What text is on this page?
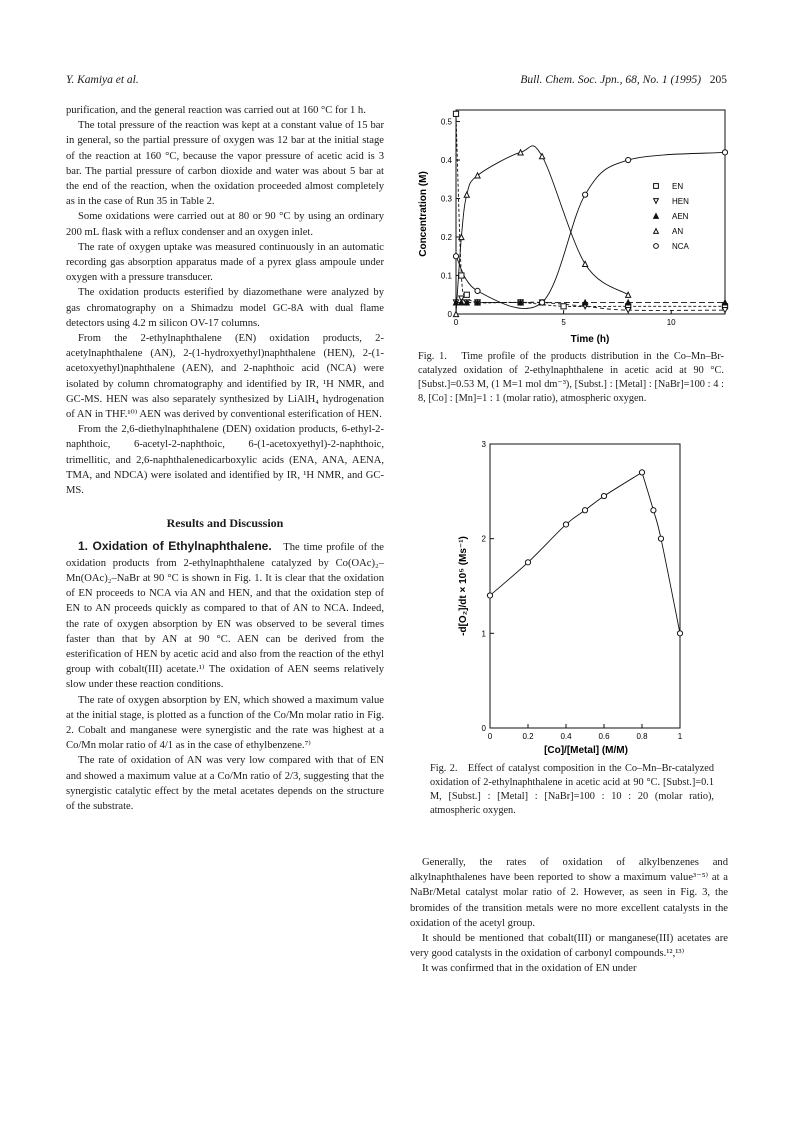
Y. Kamiya et al.	Bull. Chem. Soc. Jpn., 68, No. 1 (1995) 205

purification, and the general reaction was carried out at 160 °C for 1 h.

The total pressure of the reaction was kept at a constant value of 15 bar in general, so the partial pressure of oxygen was 12 bar at the initial stage of the reaction at 160 °C, because the vapor pressure of acetic acid is 3 bar. The partial pressure of carbon dioxide and water was about 5 bar at the end of the reaction, when the oxidation proceeded almost completely as in the case of Run 35 in Table 2.

Some oxidations were carried out at 80 or 90 °C by using an ordinary 200 mL flask with a reflux condenser and an oxygen inlet.

The rate of oxygen uptake was measured continuously in an automatic recording gas absorption apparatus made of a pyrex glass ampoule under oxygen with a pressure transducer.

The oxidation products esterified by diazomethane were analyzed by gas chromatography on a Shimadzu model GC-8A with dual flame detectors using 4.2 m silicon OV-17 columns.

From the 2-ethylnaphthalene (EN) oxidation products, 2-acetylnaphthalene (AN), 2-(1-hydroxyethyl)naphthalene (HEN), 2-(1-acetoxyethyl)naphthalene (AEN), and 2-naphthoic acid (NCA) were isolated by column chromatography and identified by IR, ¹H NMR, and GC-MS. HEN was also separately synthesized by LiAlH₄ hydrogenation of AN in THF.¹⁰⁾ AEN was derived by conventional esterification of HEN.

From the 2,6-diethylnaphthalene (DEN) oxidation products, 6-ethyl-2-naphthoic, 6-acetyl-2-naphthoic, 6-(1-acetoxyethyl)-2-naphthoic, trimellitic, and 2,6-naphthalenedicarboxylic acids (ENA, ANA, AENA, TMA, and NDCA) were isolated and identified by IR, ¹H NMR, and GC-MS.

Results and Discussion

1. Oxidation of Ethylnaphthalene. The time profile of the oxidation products from 2-ethylnaphthalene catalyzed by Co(OAc)₂–Mn(OAc)₂–NaBr at 90 °C is shown in Fig. 1. It is clear that the oxidation of EN proceeds to NCA via AN and HEN, and that the oxidation step of EN to AN proceeds quickly as compared to that of AN to NCA. Indeed, the rate of oxygen absorption by EN was observed to be several times faster than that by AN at 90 °C. AEN can be derived from the esterification of HEN by acetic acid and also from the reaction of the ethyl group with cobalt(III) acetate.¹⁾ The oxidation of AEN seems relatively slow under these reaction conditions.

The rate of oxygen absorption by EN, which showed a maximum value at the initial stage, is plotted as a function of the Co/Mn molar ratio in Fig. 2. Cobalt and manganese were synergistic and the rate was highest at a Co/Mn molar ratio of 4/1 as in the case of ethylbenzene.⁷⁾

The rate of oxidation of AN was very low compared with that of EN and showed a maximum value at a Co/Mn ratio of 2/3, suggesting that the synergistic catalytic effect by the metal acetates depends on the structure of the substrate.

0	5	10
0
0.1
0.2
0.3
0.4
0.5
EN
HEN
AEN
AN
NCA
Time (h)
Concentration (M)
Fig. 1. Time profile of the products distribution in the Co–Mn–Br-catalyzed oxidation of 2-ethylnaphthalene in acetic acid at 90 °C. [Subst.]=0.53 M, (1 M=1 mol dm⁻³), [Subst.] : [Metal] : [NaBr]=100 : 4 : 8, [Co] : [Mn]=1 : 1 (molar ratio), atmospheric oxygen.
0	0.2	0.4	0.6	0.8	1
0
1
2
3
[Co]/[Metal] (M/M)
-d[O₂]/dt × 10⁵ (Ms⁻¹)
Fig. 2. Effect of catalyst composition in the Co–Mn–Br-catalyzed oxidation of 2-ethylnaphthalene in acetic acid at 90 °C. [Subst.]=0.1 M, [Subst.] : [Metal] : [NaBr]=100 : 10 : 20 (molar ratio), atmospheric oxygen.

Generally, the rates of oxidation of alkylbenzenes and alkylnaphthalenes have been reported to show a maximum value³⁻⁵⁾ at a NaBr/Metal catalyst molar ratio of 2. However, as seen in Fig. 3, the bromides of the transition metals were no more excellent catalysts in the oxidation of the acetyl group.

It should be mentioned that cobalt(III) or manganese(III) acetates are very good catalysts in the oxidation of carbonyl compounds.¹²,¹³⁾

It was confirmed that in the oxidation of EN under
